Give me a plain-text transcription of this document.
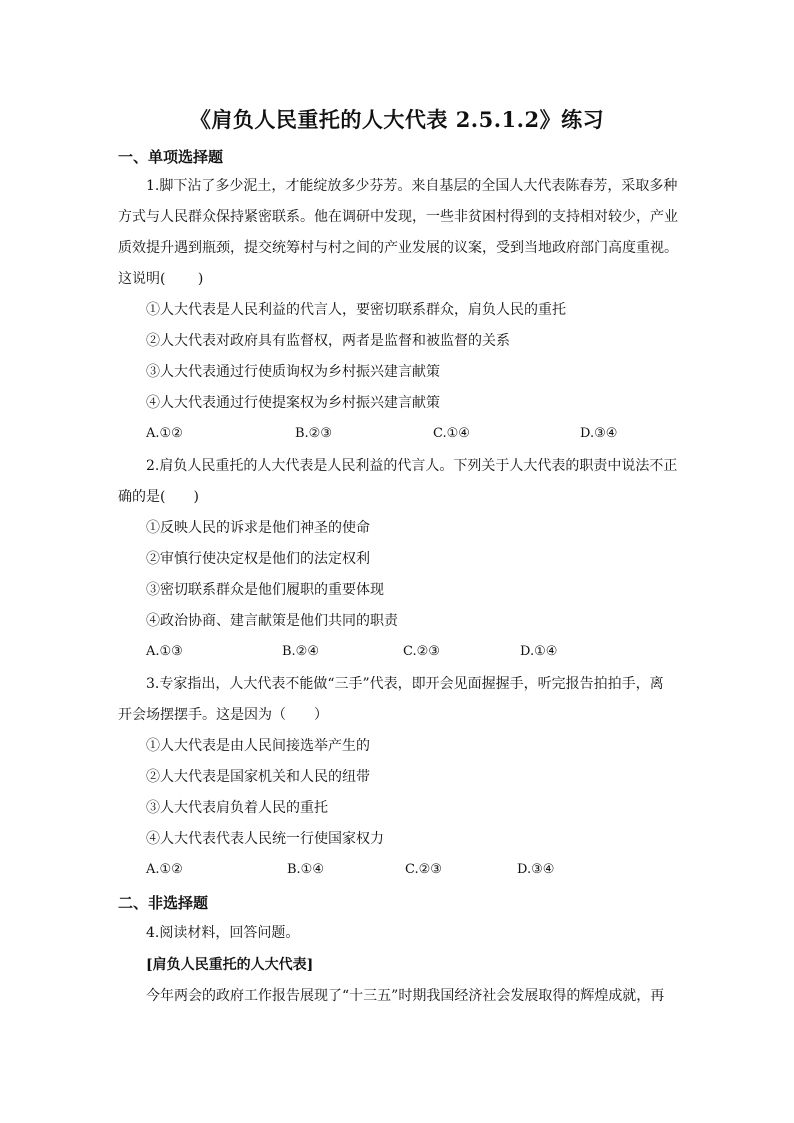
《肩负人民重托的人大代表 2.5.1.2》练习
一、单项选择题
1.脚下沾了多少泥土，才能绽放多少芬芳。来自基层的全国人大代表陈春芳，采取多种
方式与人民群众保持紧密联系。他在调研中发现，一些非贫困村得到的支持相对较少，产业
质效提升遇到瓶颈，提交统筹村与村之间的产业发展的议案，受到当地政府部门高度重视。
这说明(　　 )
①人大代表是人民利益的代言人，要密切联系群众，肩负人民的重托
②人大代表对政府具有监督权，两者是监督和被监督的关系
③人大代表通过行使质询权为乡村振兴建言献策
④人大代表通过行使提案权为乡村振兴建言献策
A.①②	B.②③	C.①④	D.③④
2.肩负人民重托的人大代表是人民利益的代言人。下列关于人大代表的职责中说法不正
确的是(　　)
①反映人民的诉求是他们神圣的使命
②审慎行使决定权是他们的法定权利
③密切联系群众是他们履职的重要体现
④政治协商、建言献策是他们共同的职责
A.①③	B.②④	C.②③	D.①④
3.专家指出，人大代表不能做“三手”代表，即开会见面握握手，听完报告拍拍手，离
开会场摆摆手。这是因为（　　）
①人大代表是由人民间接选举产生的
②人大代表是国家机关和人民的纽带
③人大代表肩负着人民的重托
④人大代表代表人民统一行使国家权力
A.①②	B.①④	C.②③	D.③④
二、非选择题
4.阅读材料，回答问题。
[肩负人民重托的人大代表]
今年两会的政府工作报告展现了“十三五”时期我国经济社会发展取得的辉煌成就，再
